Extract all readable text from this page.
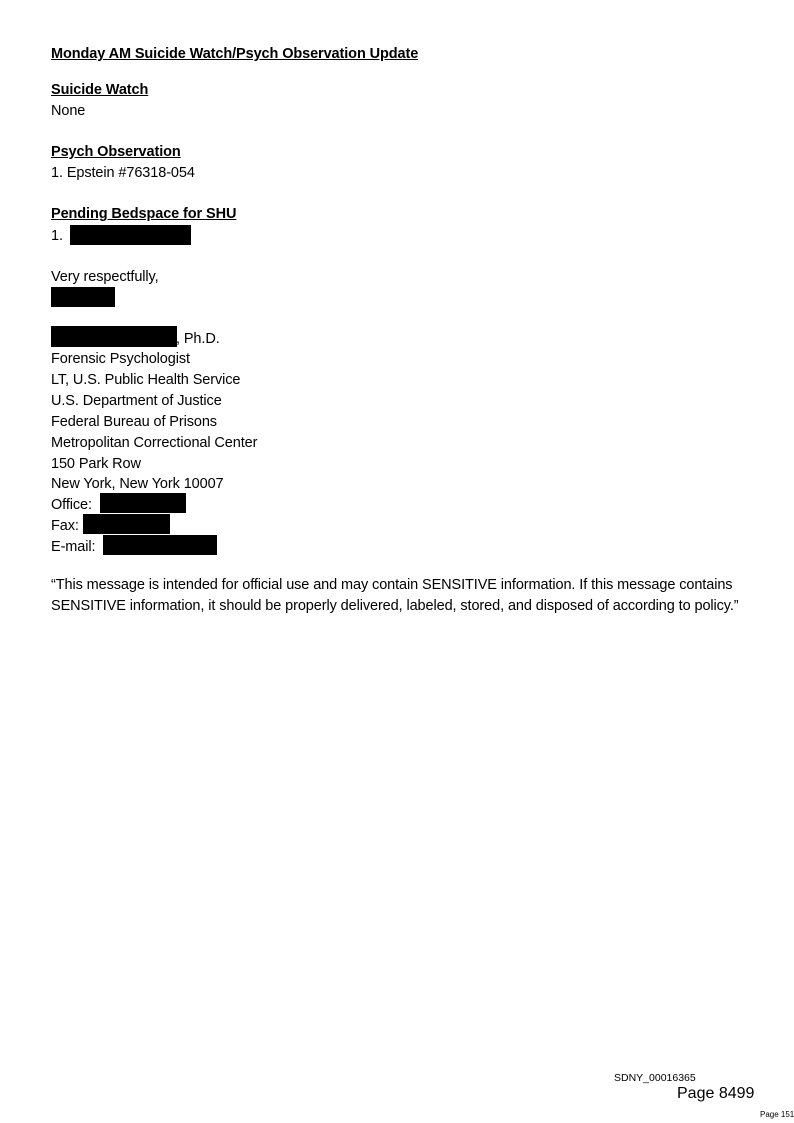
Monday AM Suicide Watch/Psych Observation Update
Suicide Watch
None
Psych Observation
1. Epstein #76318-054
Pending Bedspace for SHU
1.
Very respectfully,
, Ph.D.
Forensic Psychologist
LT, U.S. Public Health Service
U.S. Department of Justice
Federal Bureau of Prisons
Metropolitan Correctional Center
150 Park Row
New York, New York 10007
Office:
Fax:
E-mail:
“This message is intended for official use and may contain SENSITIVE information. If this message contains SENSITIVE information, it should be properly delivered, labeled, stored, and disposed of according to policy.”
SDNY_00016365
Page 8499
Page 151
